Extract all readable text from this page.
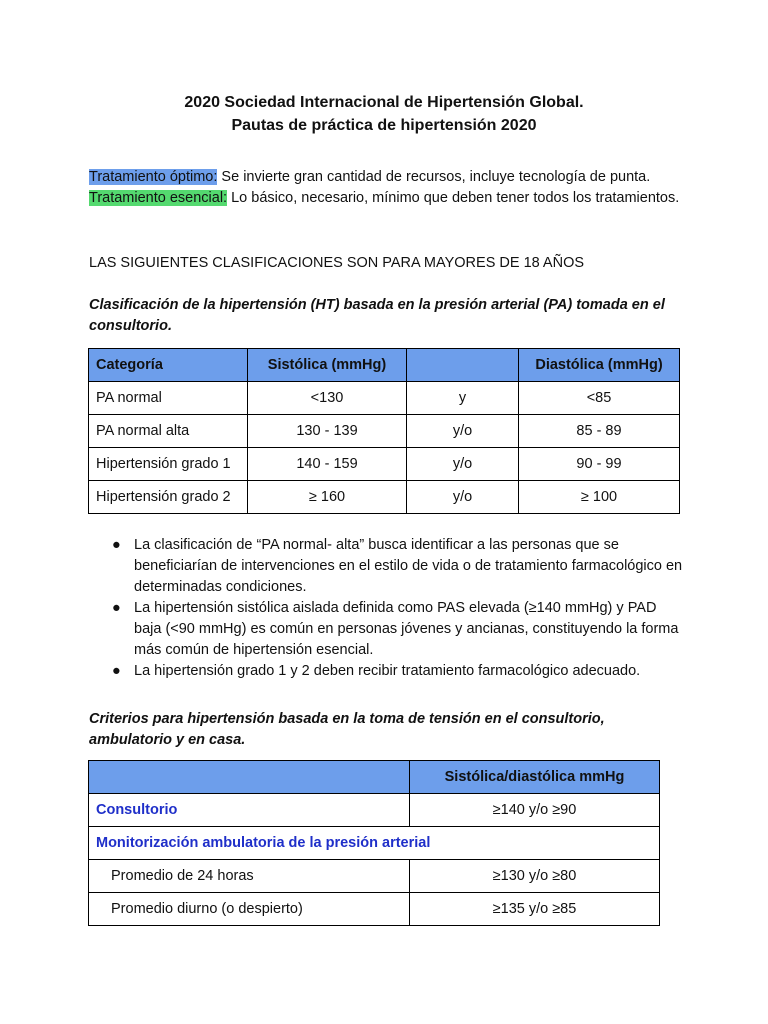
2020 Sociedad Internacional de Hipertensión Global.
Pautas de práctica de hipertensión 2020
Tratamiento óptimo: Se invierte gran cantidad de recursos, incluye tecnología de punta.
Tratamiento esencial: Lo básico, necesario, mínimo que deben tener todos los tratamientos.
LAS SIGUIENTES CLASIFICACIONES SON PARA MAYORES DE 18 AÑOS
Clasificación de la hipertensión (HT) basada en la presión arterial (PA) tomada en el consultorio.
Categoría	Sistólica (mmHg)		Diastólica (mmHg)
PA normal	<130	y	<85
PA normal alta	130 - 139	y/o	85 - 89
Hipertensión grado 1	140 - 159	y/o	90 - 99
Hipertensión grado 2	≥ 160	y/o	≥ 100
● La clasificación de “PA normal- alta” busca identificar a las personas que se beneficiarían de intervenciones en el estilo de vida o de tratamiento farmacológico en determinadas condiciones.
● La hipertensión sistólica aislada definida como PAS elevada (≥140 mmHg) y PAD baja (<90 mmHg) es común en personas jóvenes y ancianas, constituyendo la forma más común de hipertensión esencial.
● La hipertensión grado 1 y 2 deben recibir tratamiento farmacológico adecuado.
Criterios para hipertensión basada en la toma de tensión en el consultorio, ambulatorio y en casa.
	Sistólica/diastólica mmHg
Consultorio	≥140 y/o ≥90
Monitorización ambulatoria de la presión arterial	
Promedio de 24 horas	≥130 y/o ≥80
Promedio diurno (o despierto)	≥135 y/o ≥85
